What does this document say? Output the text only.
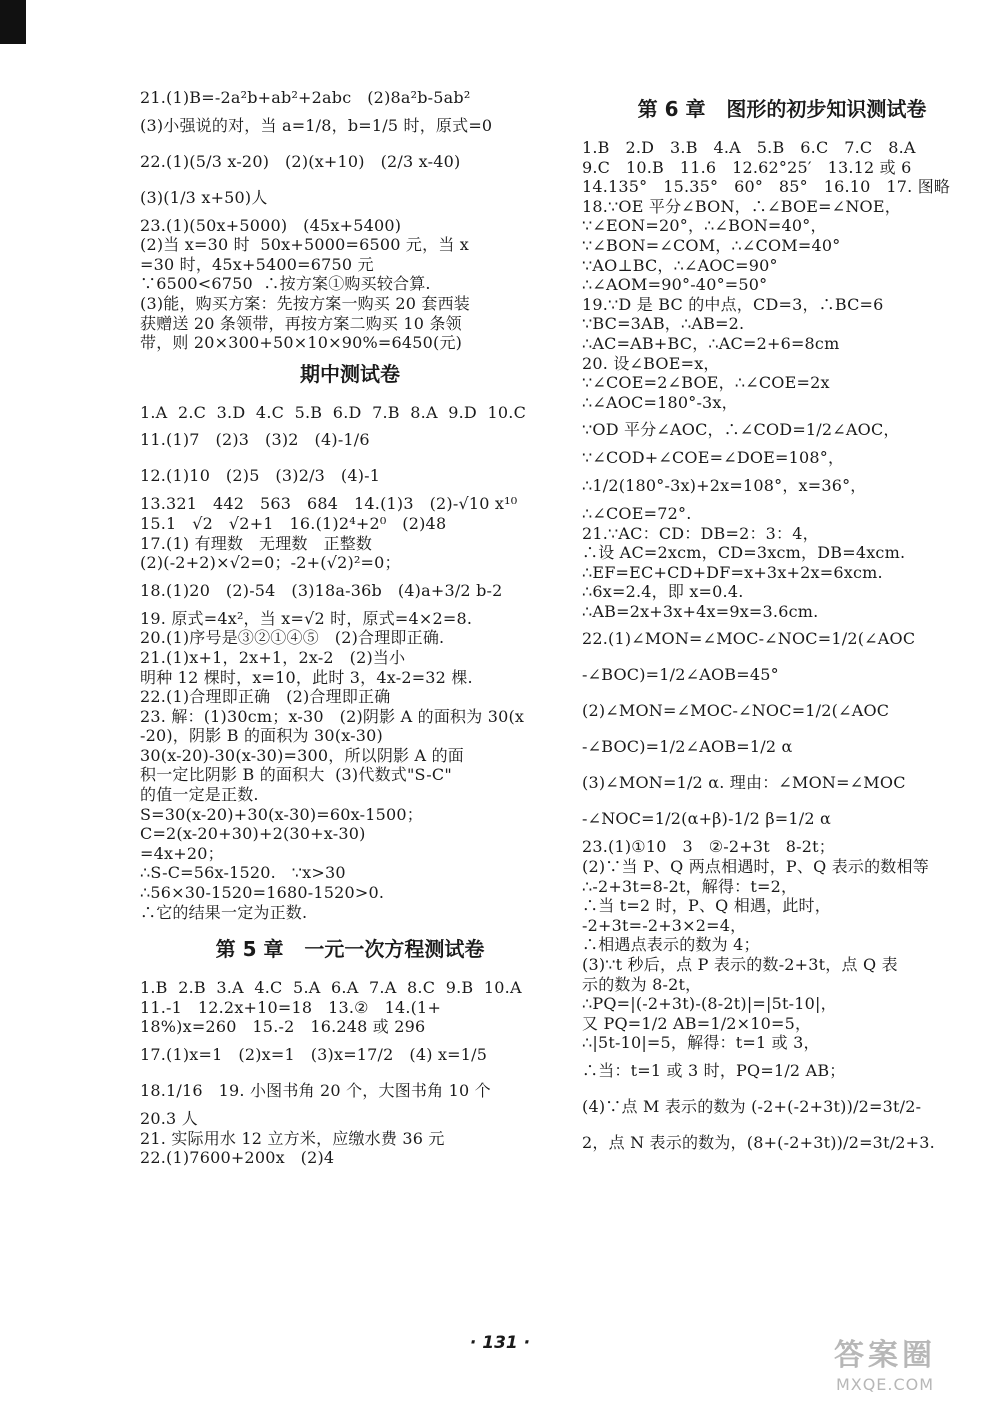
21.(1)B=-2a²b+ab²+2abc   (2)8a²b-5ab²
(3)小强说的对，当 a=1/8，b=1/5 时，原式=0
22.(1)(5/3 x-20)   (2)(x+10)   (2/3 x-40)
(3)(1/3 x+50)人
23.(1)(50x+5000)   (45x+5400)
(2)当 x=30 时  50x+5000=6500 元，当 x
=30 时，45x+5400=6750 元
∵6500<6750  ∴按方案①购买较合算.
(3)能，购买方案：先按方案一购买 20 套西装
获赠送 20 条领带，再按方案二购买 10 条领
带，则 20×300+50×10×90%=6450(元)
期中测试卷
1.A  2.C  3.D  4.C  5.B  6.D  7.B  8.A  9.D  10.C
11.(1)7   (2)3   (3)2   (4)-1/6
12.(1)10   (2)5   (3)2/3   (4)-1
13.321   442   563   684   14.(1)3   (2)-√10 x¹⁰
15.1   √2   √2+1   16.(1)2⁴+2⁰   (2)48
17.(1) 有理数   无理数   正整数
(2)(-2+2)×√2=0；-2+(√2)²=0；
18.(1)20   (2)-54   (3)18a-36b   (4)a+3/2 b-2
19. 原式=4x²，当 x=√2 时，原式=4×2=8.
20.(1)序号是③②①④⑤   (2)合理即正确.
21.(1)x+1，2x+1，2x-2   (2)当小
明种 12 棵时，x=10，此时 3，4x-2=32 棵.
22.(1)合理即正确   (2)合理即正确
23. 解：(1)30cm；x-30   (2)阴影 A 的面积为 30(x
-20)，阴影 B 的面积为 30(x-30)
30(x-20)-30(x-30)=300，所以阴影 A 的面
积一定比阴影 B 的面积大  (3)代数式"S-C"
的值一定是正数.
S=30(x-20)+30(x-30)=60x-1500；
C=2(x-20+30)+2(30+x-30)
=4x+20；
∴S-C=56x-1520.   ∵x>30
∴56×30-1520=1680-1520>0.
∴它的结果一定为正数.
第 5 章   一元一次方程测试卷
1.B  2.B  3.A  4.C  5.A  6.A  7.A  8.C  9.B  10.A
11.-1   12.2x+10=18   13.②   14.(1+
18%)x=260   15.-2   16.248 或 296
17.(1)x=1   (2)x=1   (3)x=17/2   (4) x=1/5
18.1/16   19. 小图书角 20 个，大图书角 10 个
20.3 人
21. 实际用水 12 立方米，应缴水费 36 元
22.(1)7600+200x   (2)4
第 6 章   图形的初步知识测试卷
1.B   2.D   3.B   4.A   5.B   6.C   7.C   8.A
9.C   10.B   11.6   12.62°25′   13.12 或 6
14.135°   15.35°   60°   85°   16.10   17. 图略
18.∵OE 平分∠BON，∴∠BOE=∠NOE，
∵∠EON=20°，∴∠BON=40°，
∵∠BON=∠COM，∴∠COM=40°
∵AO⊥BC，∴∠AOC=90°
∴∠AOM=90°-40°=50°
19.∵D 是 BC 的中点，CD=3，∴BC=6
∵BC=3AB，∴AB=2.
∴AC=AB+BC，∴AC=2+6=8cm
20. 设∠BOE=x，
∵∠COE=2∠BOE，∴∠COE=2x
∴∠AOC=180°-3x，
∵OD 平分∠AOC，∴∠COD=1/2∠AOC，
∵∠COD+∠COE=∠DOE=108°，
∴1/2(180°-3x)+2x=108°，x=36°，
∴∠COE=72°.
21.∵AC：CD：DB=2：3：4，
∴设 AC=2xcm，CD=3xcm，DB=4xcm.
∴EF=EC+CD+DF=x+3x+2x=6xcm.
∴6x=2.4，即 x=0.4.
∴AB=2x+3x+4x=9x=3.6cm.
22.(1)∠MON=∠MOC-∠NOC=1/2(∠AOC
-∠BOC)=1/2∠AOB=45°
(2)∠MON=∠MOC-∠NOC=1/2(∠AOC
-∠BOC)=1/2∠AOB=1/2 α
(3)∠MON=1/2 α. 理由：∠MON=∠MOC
-∠NOC=1/2(α+β)-1/2 β=1/2 α
23.(1)①10   3   ②-2+3t   8-2t；
(2)∵当 P、Q 两点相遇时，P、Q 表示的数相等
∴-2+3t=8-2t，解得：t=2，
∴当 t=2 时，P、Q 相遇，此时，
-2+3t=-2+3×2=4，
∴相遇点表示的数为 4；
(3)∵t 秒后，点 P 表示的数-2+3t，点 Q 表
示的数为 8-2t，
∴PQ=|(-2+3t)-(8-2t)|=|5t-10|，
又 PQ=1/2 AB=1/2×10=5，
∴|5t-10|=5，解得：t=1 或 3，
∴当：t=1 或 3 时，PQ=1/2 AB；
(4)∵点 M 表示的数为 (-2+(-2+3t))/2=3t/2-
2，点 N 表示的数为，(8+(-2+3t))/2=3t/2+3.
· 131 ·	答案圈
MXQE.COM
